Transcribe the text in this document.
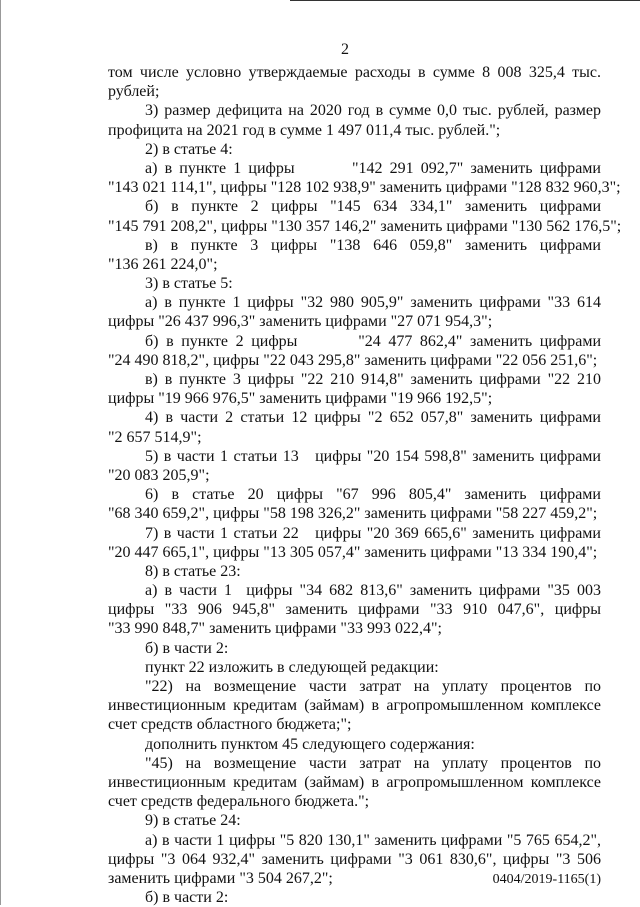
2
том числе условно утверждаемые расходы в сумме 8 008 325,4 тыс.
рублей;
3) размер дефицита на 2020 год в сумме 0,0 тыс. рублей, размер
профицита на 2021 год в сумме 1 497 011,4 тыс. рублей.";
2) в статье 4:
а) в пункте 1 цифры        "142 291 092,7" заменить цифрами
"143 021 114,1", цифры "128 102 938,9" заменить цифрами "128 832 960,3";
б) в пункте 2 цифры "145 634 334,1" заменить цифрами
"145 791 208,2", цифры "130 357 146,2" заменить цифрами "130 562 176,5";
в) в пункте 3 цифры "138 646 059,8" заменить цифрами
"136 261 224,0";
3) в статье 5:
а) в пункте 1 цифры "32 980 905,9" заменить цифрами "33 614
цифры "26 437 996,3" заменить цифрами "27 071 954,3";
б) в пункте 2 цифры        "24 477 862,4" заменить цифрами
"24 490 818,2", цифры "22 043 295,8" заменить цифрами "22 056 251,6";
в) в пункте 3 цифры "22 210 914,8" заменить цифрами "22 210
цифры "19 966 976,5" заменить цифрами "19 966 192,5";
4) в части 2 статьи 12 цифры "2 652 057,8" заменить цифрами
"2 657 514,9";
5) в части 1 статьи 13   цифры "20 154 598,8" заменить цифрами
"20 083 205,9";
6) в статье 20 цифры "67 996 805,4" заменить цифрами
"68 340 659,2", цифры "58 198 326,2" заменить цифрами "58 227 459,2";
7) в части 1 статьи 22   цифры "20 369 665,6" заменить цифрами
"20 447 665,1", цифры "13 305 057,4" заменить цифрами "13 334 190,4";
8) в статье 23:
а) в части 1  цифры "34 682 813,6" заменить цифрами "35 003
цифры "33 906 945,8" заменить цифрами "33 910 047,6", цифры
"33 990 848,7" заменить цифрами "33 993 022,4";
б) в части 2:
пункт 22 изложить в следующей редакции:
"22) на возмещение части затрат на уплату процентов по
инвестиционным кредитам (займам) в агропромышленном комплексе
счет средств областного бюджета;";
дополнить пунктом 45 следующего содержания:
"45) на возмещение части затрат на уплату процентов по
инвестиционным кредитам (займам) в агропромышленном комплексе
счет средств федерального бюджета.";
9) в статье 24:
а) в части 1 цифры "5 820 130,1" заменить цифрами "5 765 654,2",
цифры "3 064 932,4" заменить цифрами "3 061 830,6", цифры "3 506
заменить цифрами "3 504 267,2";
б) в части 2:
0404/2019-1165(1)
